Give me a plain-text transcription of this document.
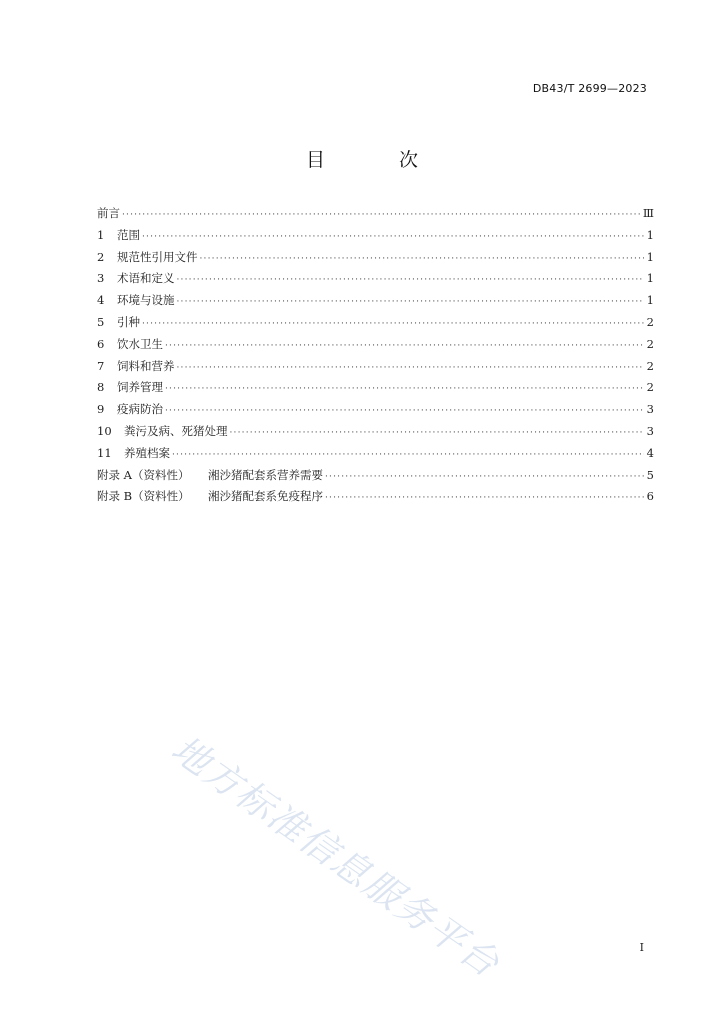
DB43/T 2699—2023
目 次
前言 ·····	Ⅲ
1	范围 ·····	1
2	规范性引用文件 ·····	1
3	术语和定义 ·····	1
4	环境与设施 ·····	1
5	引种 ·····	2
6	饮水卫生 ·····	2
7	饲料和营养 ·····	2
8	饲养管理 ·····	2
9	疫病防治 ·····	3
10	粪污及病、死猪处理 ·····	3
11	养殖档案 ·····	4
附录 A（资料性）	湘沙猪配套系营养需要 ·····	5
附录 B（资料性）	湘沙猪配套系免疫程序 ·····	6
地方标准信息服务平台	I
